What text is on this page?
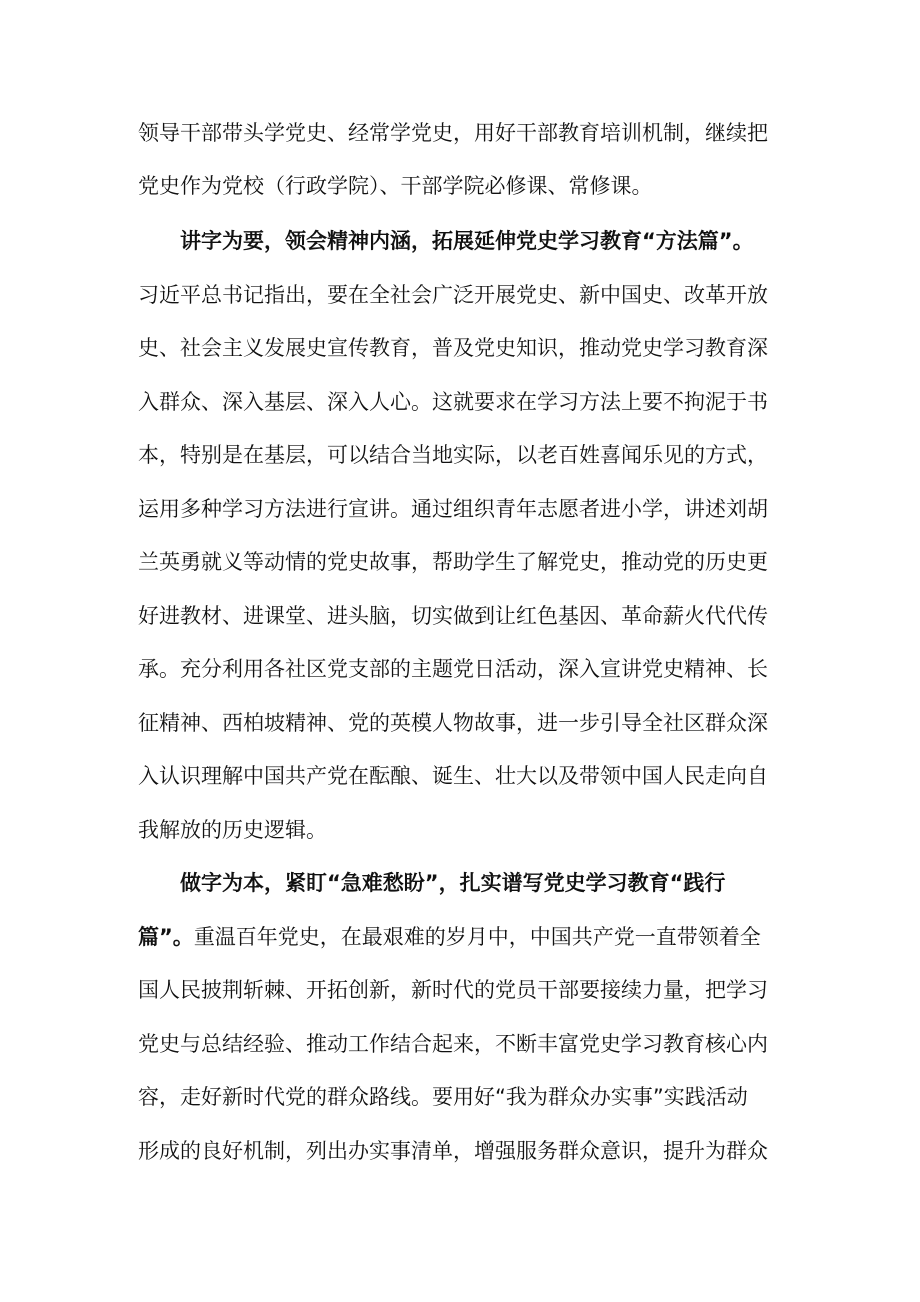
领导干部带头学党史、经常学党史，用好干部教育培训机制，继续把
党史作为党校（行政学院）、干部学院必修课、常修课。
讲字为要，领会精神内涵，拓展延伸党史学习教育“方法篇”。
习近平总书记指出，要在全社会广泛开展党史、新中国史、改革开放
史、社会主义发展史宣传教育，普及党史知识，推动党史学习教育深
入群众、深入基层、深入人心。这就要求在学习方法上要不拘泥于书
本，特别是在基层，可以结合当地实际，以老百姓喜闻乐见的方式，
运用多种学习方法进行宣讲。通过组织青年志愿者进小学，讲述刘胡
兰英勇就义等动情的党史故事，帮助学生了解党史，推动党的历史更
好进教材、进课堂、进头脑，切实做到让红色基因、革命薪火代代传
承。充分利用各社区党支部的主题党日活动，深入宣讲党史精神、长
征精神、西柏坡精神、党的英模人物故事，进一步引导全社区群众深
入认识理解中国共产党在酝酿、诞生、壮大以及带领中国人民走向自
我解放的历史逻辑。
做字为本，紧盯“急难愁盼”，扎实谱写党史学习教育“践行
篇”。重温百年党史，在最艰难的岁月中，中国共产党一直带领着全
国人民披荆斩棘、开拓创新，新时代的党员干部要接续力量，把学习
党史与总结经验、推动工作结合起来，不断丰富党史学习教育核心内
容，走好新时代党的群众路线。要用好“我为群众办实事”实践活动
形成的良好机制，列出办实事清单，增强服务群众意识，提升为群众
